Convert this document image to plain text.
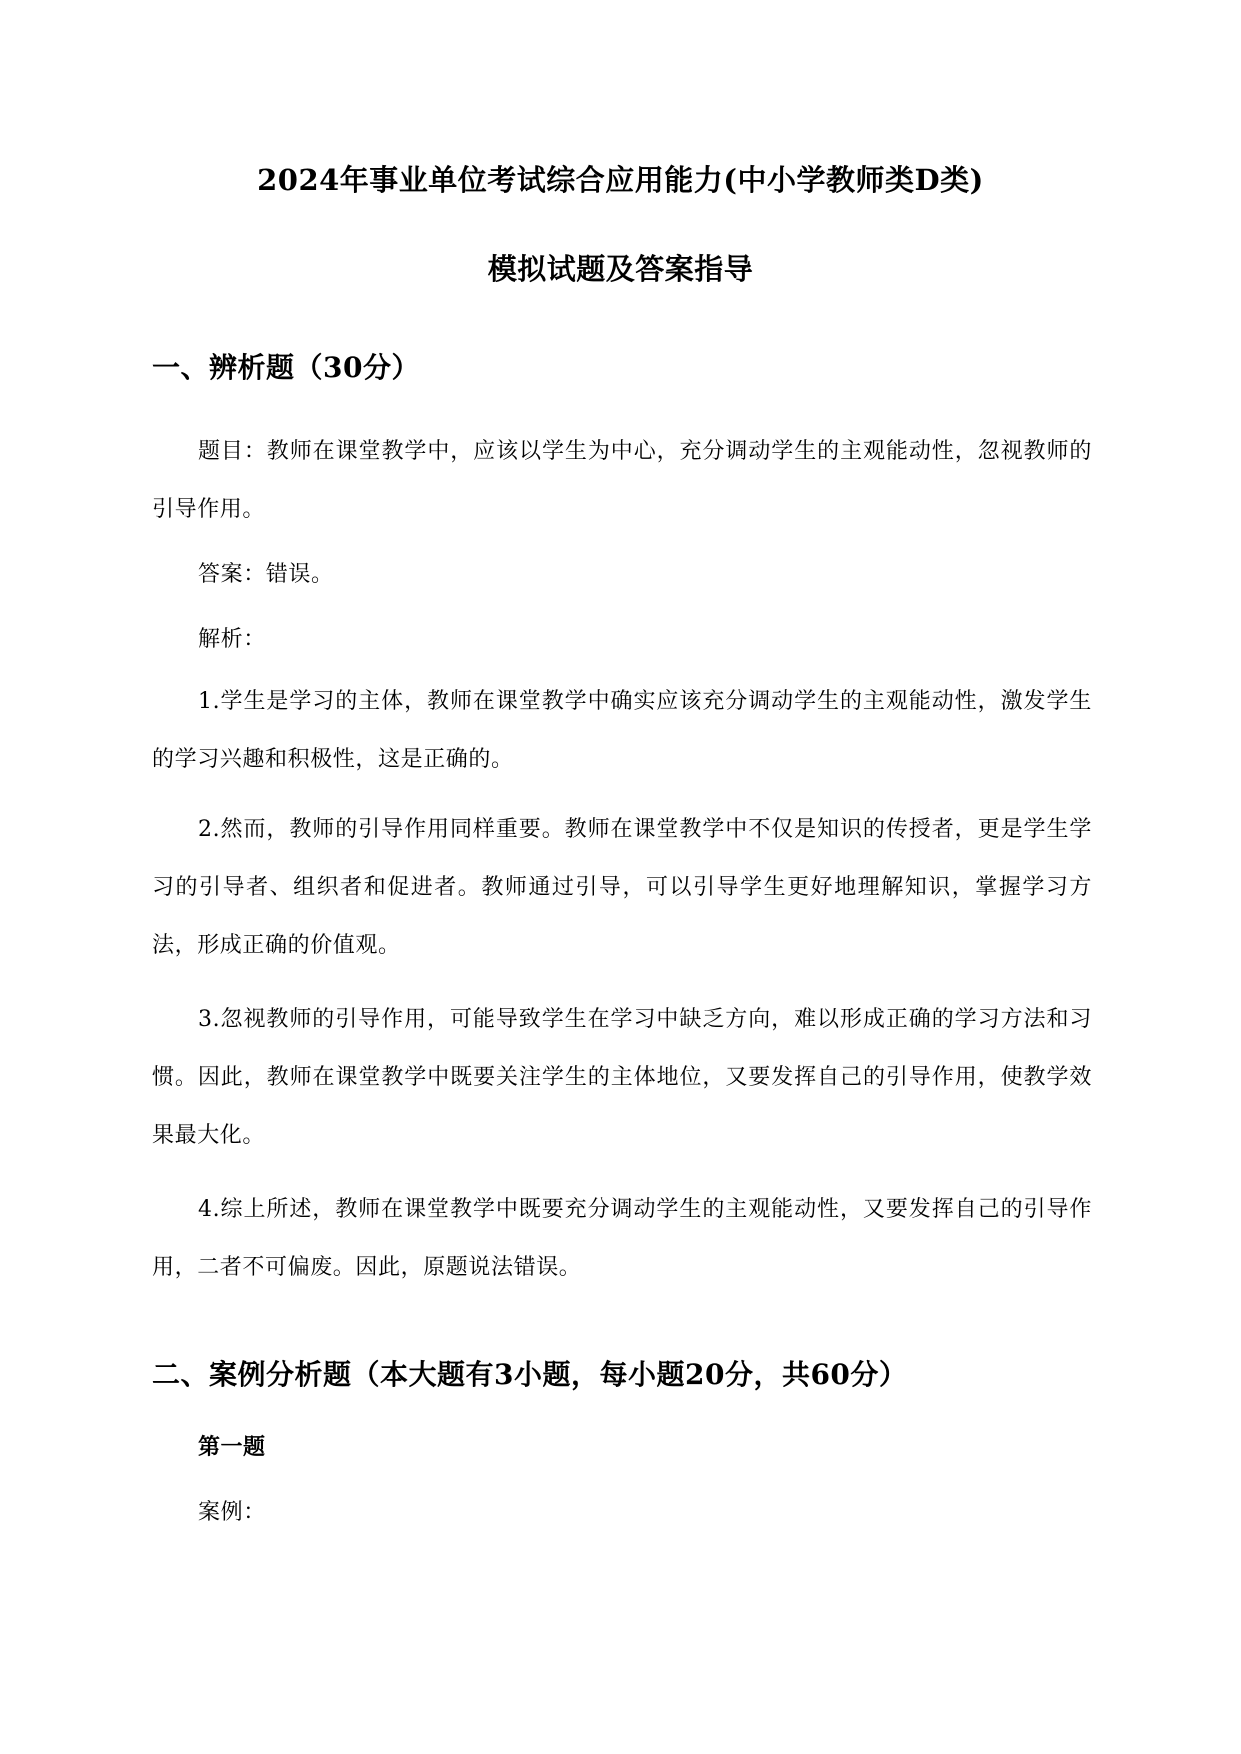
2024年事业单位考试综合应用能力(中小学教师类D类)
模拟试题及答案指导
一、辨析题（30分）
题目：教师在课堂教学中，应该以学生为中心，充分调动学生的主观能动性，忽视教师的引导作用。
答案：错误。
解析：
1.学生是学习的主体，教师在课堂教学中确实应该充分调动学生的主观能动性，激发学生的学习兴趣和积极性，这是正确的。
2.然而，教师的引导作用同样重要。教师在课堂教学中不仅是知识的传授者，更是学生学习的引导者、组织者和促进者。教师通过引导，可以引导学生更好地理解知识，掌握学习方法，形成正确的价值观。
3.忽视教师的引导作用，可能导致学生在学习中缺乏方向，难以形成正确的学习方法和习惯。因此，教师在课堂教学中既要关注学生的主体地位，又要发挥自己的引导作用，使教学效果最大化。
4.综上所述，教师在课堂教学中既要充分调动学生的主观能动性，又要发挥自己的引导作用，二者不可偏废。因此，原题说法错误。
二、案例分析题（本大题有3小题，每小题20分，共60分）
第一题
案例：
